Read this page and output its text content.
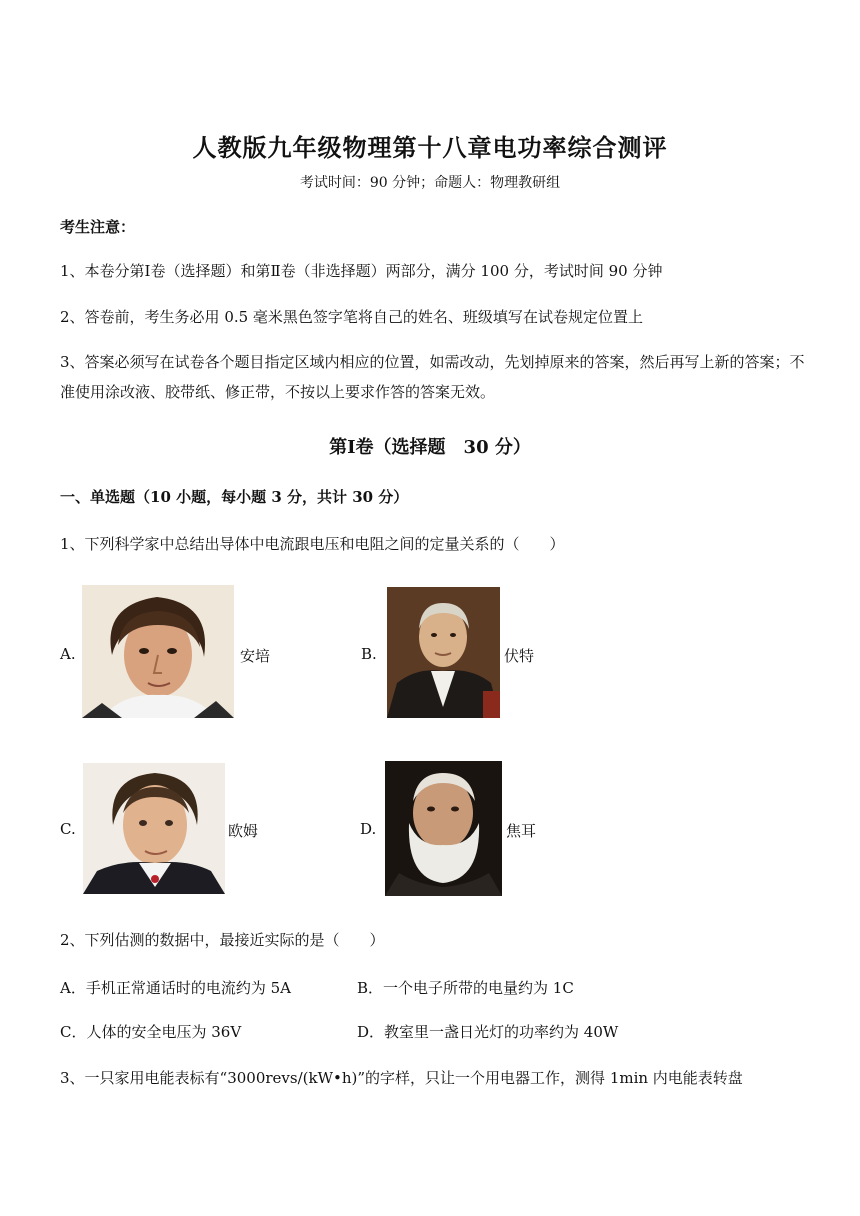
人教版九年级物理第十八章电功率综合测评
考试时间：90 分钟；命题人：物理教研组
考生注意：
1、本卷分第Ⅰ卷（选择题）和第Ⅱ卷（非选择题）两部分，满分 100 分，考试时间 90 分钟
2、答卷前，考生务必用 0.5 毫米黑色签字笔将自己的姓名、班级填写在试卷规定位置上
3、答案必须写在试卷各个题目指定区域内相应的位置，如需改动，先划掉原来的答案，然后再写上新的答案；不准使用涂改液、胶带纸、修正带，不按以上要求作答的答案无效。
第Ⅰ卷（选择题　30 分）
一、单选题（10 小题，每小题 3 分，共计 30 分）
1、下列科学家中总结出导体中电流跟电压和电阻之间的定量关系的（　　）
A.	安培	B.	伏特
C.	欧姆	D.	焦耳
2、下列估测的数据中，最接近实际的是（　　）
A．手机正常通话时的电流约为 5A	B．一个电子所带的电量约为 1C
C．人体的安全电压为 36V	D．教室里一盏日光灯的功率约为 40W
3、一只家用电能表标有“3000revs/(kW•h)”的字样，只让一个用电器工作，测得 1min 内电能表转盘
